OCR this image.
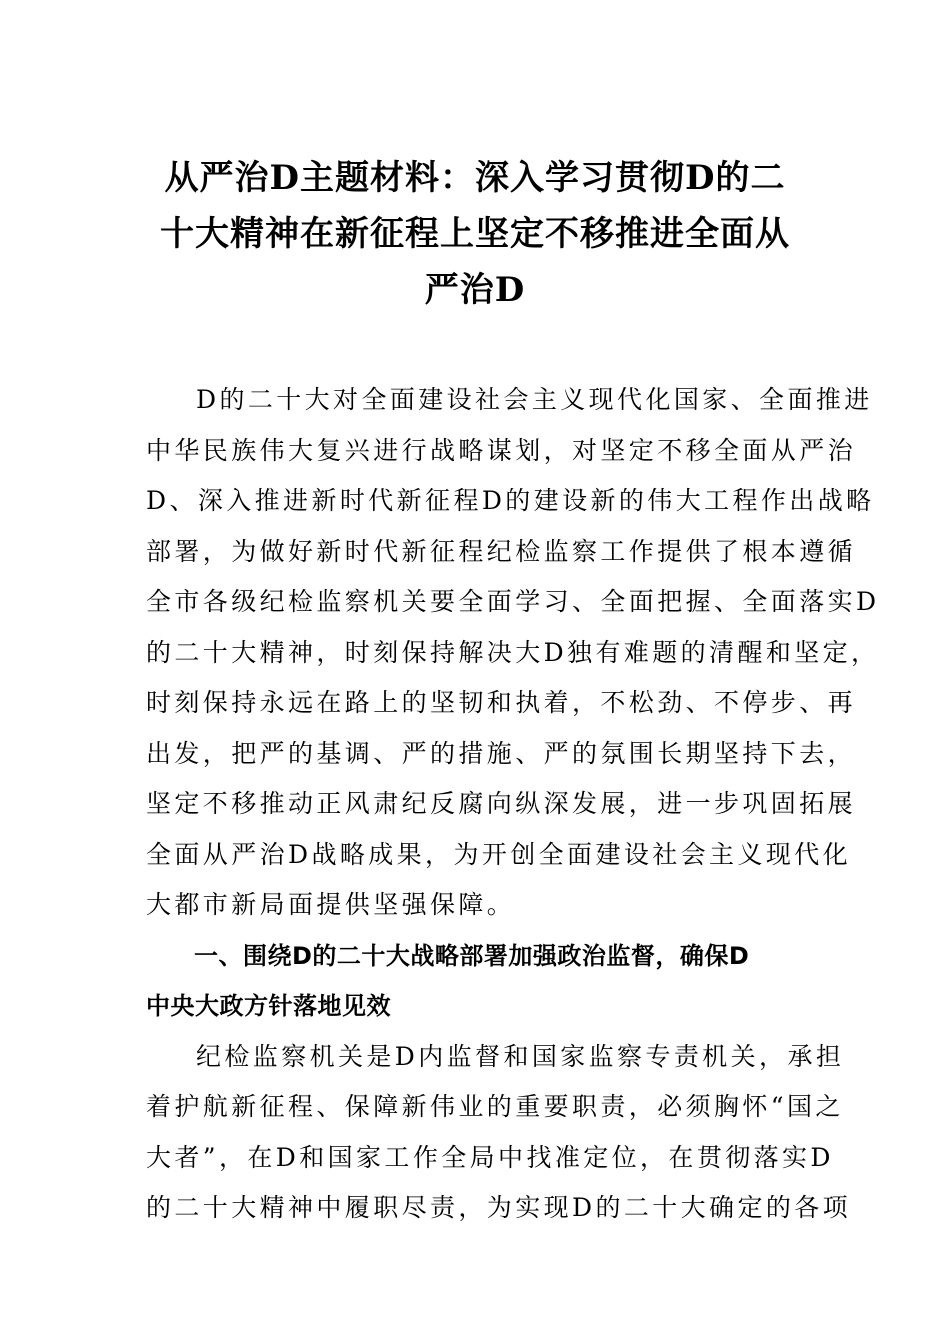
从严治D主题材料：深入学习贯彻D的二
十大精神在新征程上坚定不移推进全面从
严治D
D的二十大对全面建设社会主义现代化国家、全面推进
中华民族伟大复兴进行战略谋划，对坚定不移全面从严治
D、深入推进新时代新征程D的建设新的伟大工程作出战略
部署，为做好新时代新征程纪检监察工作提供了根本遵循
全市各级纪检监察机关要全面学习、全面把握、全面落实D
的二十大精神，时刻保持解决大D独有难题的清醒和坚定，
时刻保持永远在路上的坚韧和执着，不松劲、不停步、再
出发，把严的基调、严的措施、严的氛围长期坚持下去，
坚定不移推动正风肃纪反腐向纵深发展，进一步巩固拓展
全面从严治D战略成果，为开创全面建设社会主义现代化
大都市新局面提供坚强保障。
一、围绕D的二十大战略部署加强政治监督，确保D
中央大政方针落地见效
纪检监察机关是D内监督和国家监察专责机关，承担
着护航新征程、保障新伟业的重要职责，必须胸怀“国之
大者”，在D和国家工作全局中找准定位，在贯彻落实D
的二十大精神中履职尽责，为实现D的二十大确定的各项
